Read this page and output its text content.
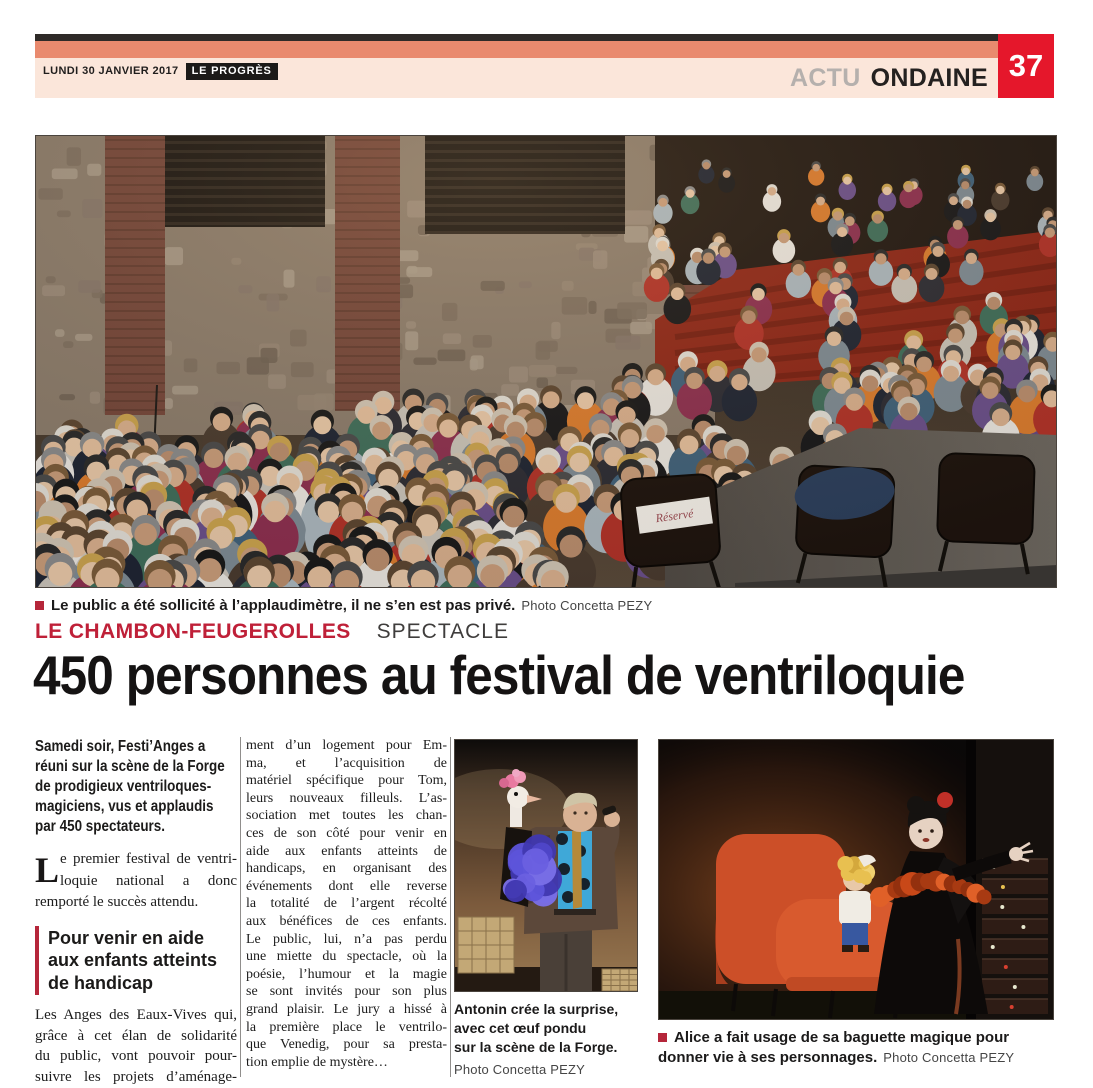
LUNDI 30 JANVIER 2017 LE PROGRÈS	ACTU ONDAINE 37
Le public a été sollicité à l’applaudimètre, il ne s’en est pas privé. Photo Concetta PEZY
LE CHAMBON-FEUGEROLLES SPECTACLE
450 personnes au festival de ventriloquie
Samedi soir, Festi’Anges a
réuni sur la scène de la Forge
de prodigieux ventriloques-
magiciens, vus et applaudis
par 450 spectateurs.
L e premier festival de ventri-
loquie national a donc
remporté le succès attendu.
Pour venir en aide
aux enfants atteints
de handicap
Les Anges des Eaux-Vives qui,
grâce à cet élan de solidarité
du public, vont pouvoir pour-
suivre les projets d’aménage-
ment d’un logement pour Em-
ma, et l’acquisition de
matériel spécifique pour Tom,
leurs nouveaux filleuls. L’as-
sociation met toutes les chan-
ces de son côté pour venir en
aide aux enfants atteints de
handicaps, en organisant des
événements dont elle reverse
la totalité de l’argent récolté
aux bénéfices de ces enfants.
Le public, lui, n’a pas perdu
une miette du spectacle, où la
poésie, l’humour et la magie
se sont invités pour son plus
grand plaisir. Le jury a hissé à
la première place le ventrilo-
que Venedig, pour sa presta-
tion emplie de mystère…
Antonin crée la surprise,
avec cet œuf pondu
sur la scène de la Forge.
Photo Concetta PEZY
Alice a fait usage de sa baguette magique pour donner vie à ses personnages. Photo Concetta PEZY
